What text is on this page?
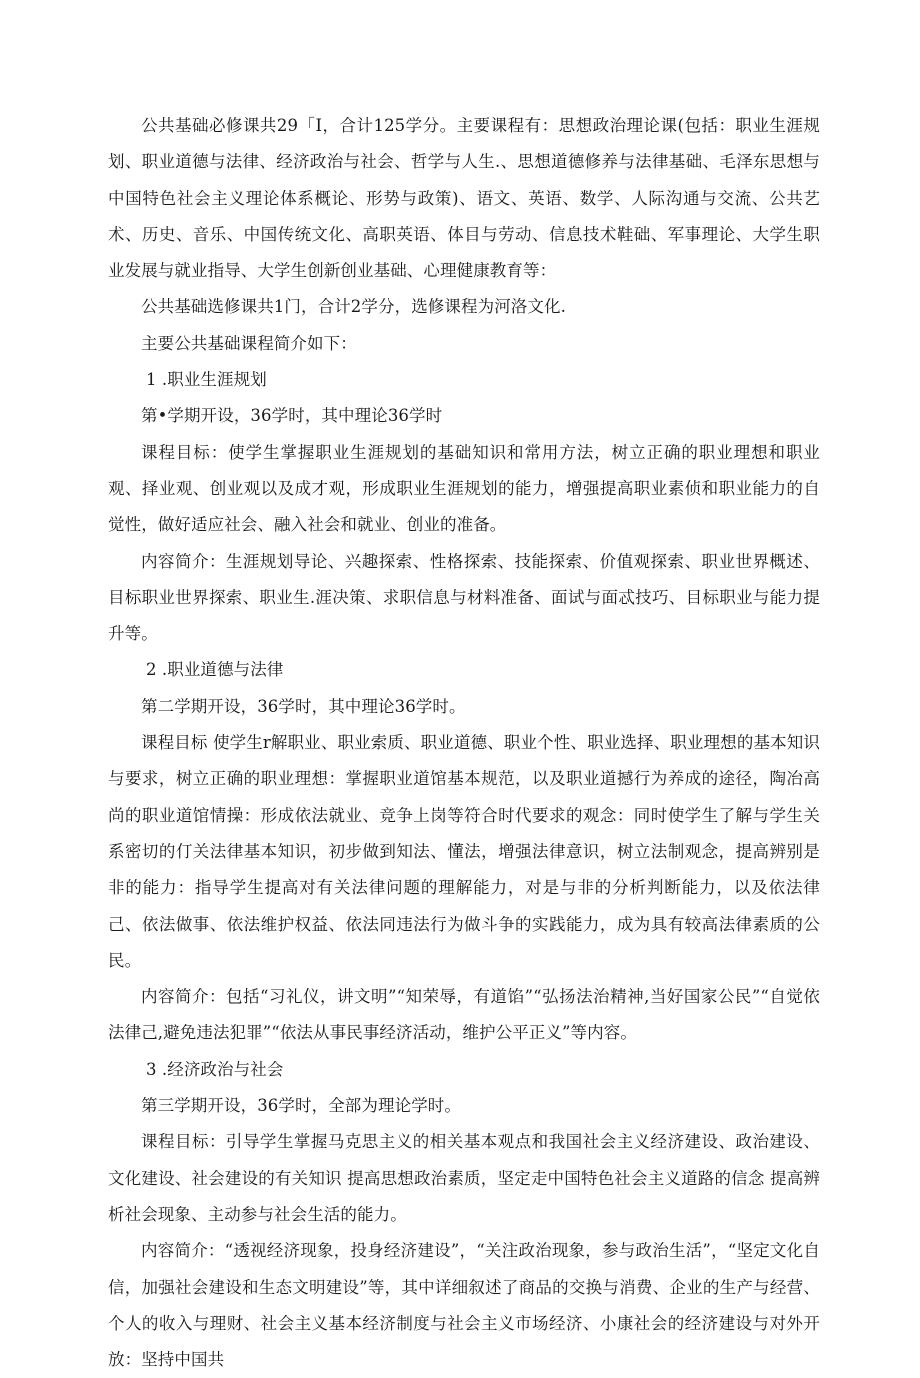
公共基础必修课共29「I，合计125学分。主要课程有：思想政治理论课(包括：职业生涯规划、职业道德与法律、经济政治与社会、哲学与人生.、思想道德修养与法律基础、毛泽东思想与中国特色社会主义理论体系概论、形势与政策)、语文、英语、数学、人际沟通与交流、公共艺术、历史、音乐、中国传统文化、高职英语、体目与劳动、信息技术鞋础、军事理论、大学生职业发展与就业指导、大学生创新创业基础、心理健康教育等：

公共基础选修课共1门，合计2学分，选修课程为河洛文化.

主要公共基础课程简介如下：

1 .职业生涯规划

第•学期开设，36学时，其中理论36学时

课程目标：使学生掌握职业生涯规划的基础知识和常用方法，树立正确的职业理想和职业观、择业观、创业观以及成才观，形成职业生涯规划的能力，增强提高职业素侦和职业能力的自觉性，做好适应社会、融入社会和就业、创业的准备。

内容简介：生涯规划导论、兴趣探索、性格探索、技能探索、价值观探索、职业世界概述、目标职业世界探索、职业生.涯决策、求职信息与材料准备、面试与面忒技巧、目标职业与能力提升等。

2 .职业道德与法律

第二学期开设，36学时，其中理论36学时。

课程目标 使学生r解职业、职业索质、职业道德、职业个性、职业选择、职业理想的基本知识与要求，树立正确的职业理想：掌握职业道馆基本规范，以及职业道撼行为养成的途径，陶冶高尚的职业道馆情操：形成依法就业、竞争上岗等符合时代要求的观念：同时使学生了解与学生关系密切的仃关法律基本知识，初步做到知法、懂法，增强法律意识，树立法制观念，提高辨别是非的能力：指导学生提高对有关法律问题的理解能力，对是与非的分析判断能力，以及依法律己、依法做事、依法维护权益、依法同违法行为做斗争的实践能力，成为具有较高法律素质的公民。

内容简介：包括“习礼仪，讲文明”“知荣辱，有道馅”“弘扬法治精神,当好国家公民”“自觉依法律己,避免违法犯罪”“依法从事民事经济活动，维护公平正义”等内容。

3 .经济政治与社会

第三学期开设，36学时，全部为理论学时。

课程目标：引导学生掌握马克思主义的相关基本观点和我国社会主义经济建设、政治建设、文化建设、社会建设的有关知识 提高思想政治素质，坚定走中国特色社会主义道路的信念 提高辨析社会现象、主动参与社会生活的能力。

内容简介：“透视经济现象，投身经济建设”，“关注政治现象，参与政治生活”，“坚定文化自信，加强社会建设和生态文明建设”等，其中详细叙述了商品的交换与消费、企业的生产与经营、个人的收入与理财、社会主义基本经济制度与社会主义市场经济、小康社会的经济建设与对外开放：坚持中国共
